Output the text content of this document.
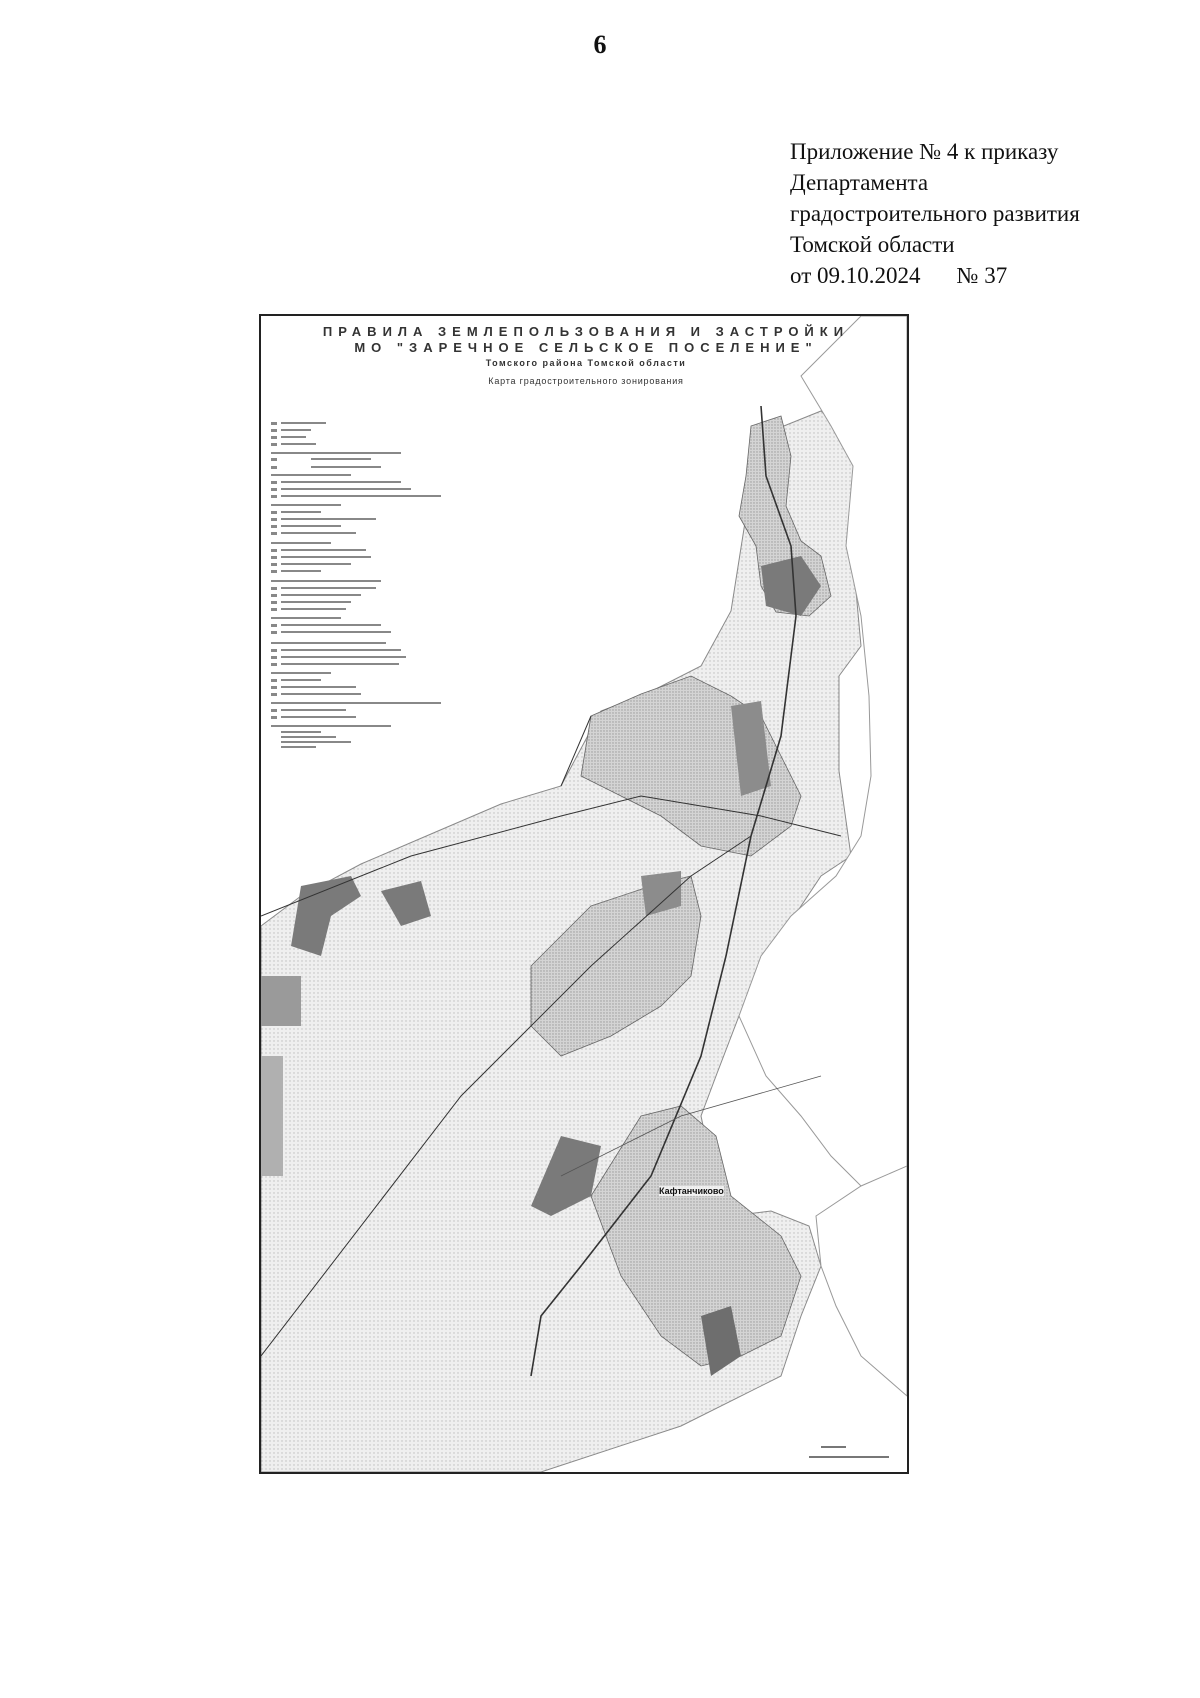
6
Приложение № 4 к приказу
Департамента
градостроительного развития
Томской области
от 09.10.2024 № 37
ПРАВИЛА ЗЕМЛЕПОЛЬЗОВАНИЯ И ЗАСТРОЙКИ
МО "ЗАРЕЧНОЕ СЕЛЬСКОЕ ПОСЕЛЕНИЕ"
Томского района Томской области
Карта градостроительного зонирования
Кафтанчиково
